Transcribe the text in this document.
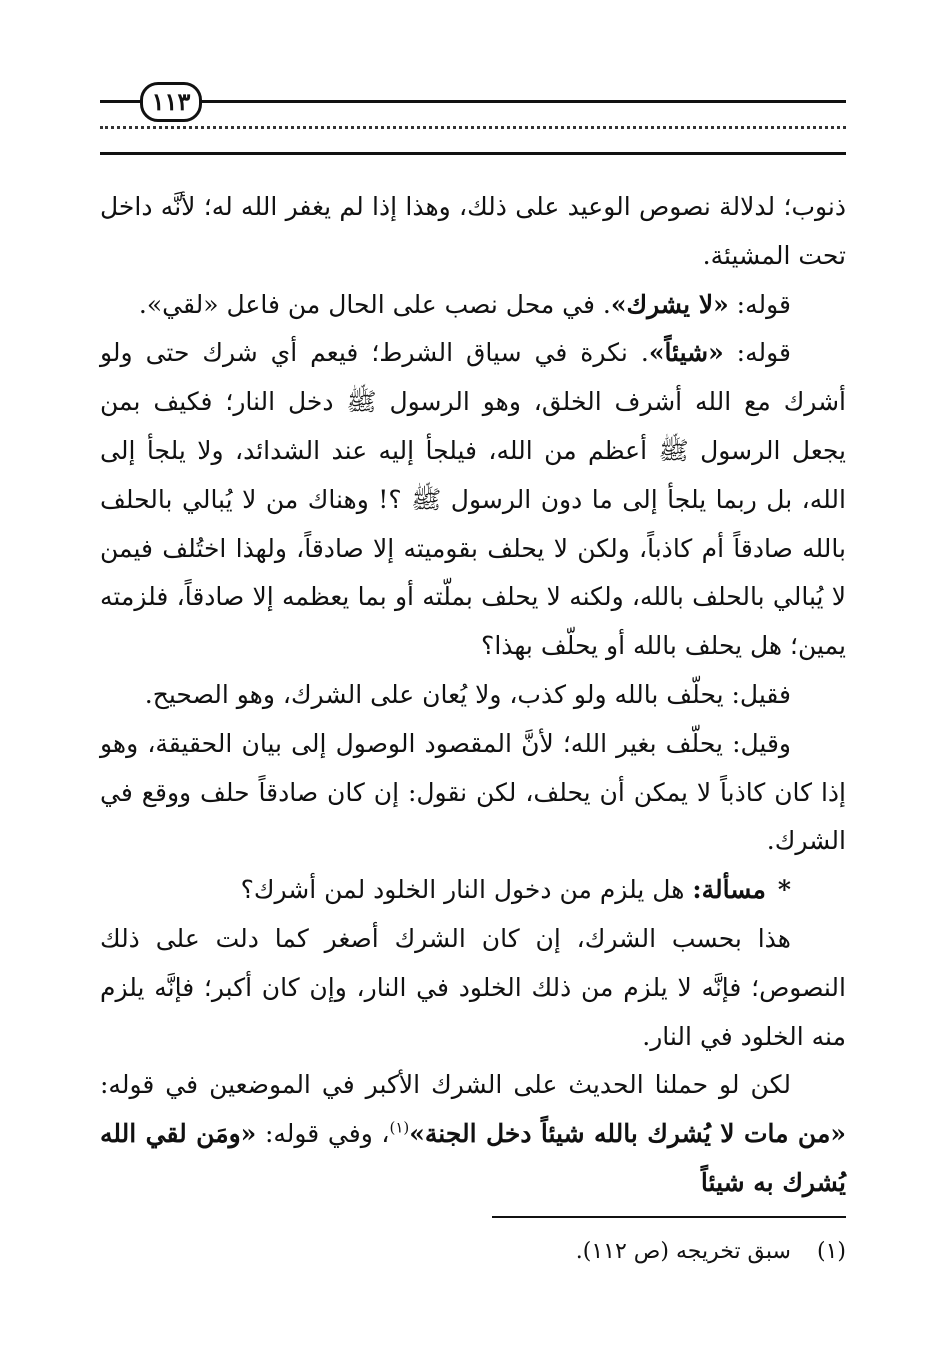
١١٣

ذنوب؛ لدلالة نصوص الوعيد على ذلك، وهذا إذا لم يغفر الله له؛ لأنَّه داخل تحت المشيئة.

قوله: «لا يشرك». في محل نصب على الحال من فاعل «لقي».

قوله: «شيئاً». نكرة في سياق الشرط؛ فيعم أي شرك حتى ولو أشرك مع الله أشرف الخلق، وهو الرسول ﷺ دخل النار؛ فكيف بمن يجعل الرسول ﷺ أعظم من الله، فيلجأ إليه عند الشدائد، ولا يلجأ إلى الله، بل ربما يلجأ إلى ما دون الرسول ﷺ ؟! وهناك من لا يُبالي بالحلف بالله صادقاً أم كاذباً، ولكن لا يحلف بقوميته إلا صادقاً، ولهذا اختُلف فيمن لا يُبالي بالحلف بالله، ولكنه لا يحلف بملّته أو بما يعظمه إلا صادقاً، فلزمته يمين؛ هل يحلف بالله أو يحلّف بهذا؟

فقيل: يحلّف بالله ولو كذب، ولا يُعان على الشرك، وهو الصحيح.

وقيل: يحلّف بغير الله؛ لأنَّ المقصود الوصول إلى بيان الحقيقة، وهو إذا كان كاذباً لا يمكن أن يحلف، لكن نقول: إن كان صادقاً حلف ووقع في الشرك.

*مسألة: هل يلزم من دخول النار الخلود لمن أشرك؟

هذا بحسب الشرك، إن كان الشرك أصغر كما دلت على ذلك النصوص؛ فإنَّه لا يلزم من ذلك الخلود في النار، وإن كان أكبر؛ فإنَّه يلزم منه الخلود في النار.

لكن لو حملنا الحديث على الشرك الأكبر في الموضعين في قوله: «من مات لا يُشرك بالله شيئاً دخل الجنة»$^{(١)}$، وفي قوله: «ومَن لقي الله يُشرك به شيئاً

(١)سبق تخريجه (ص ١١٢).
